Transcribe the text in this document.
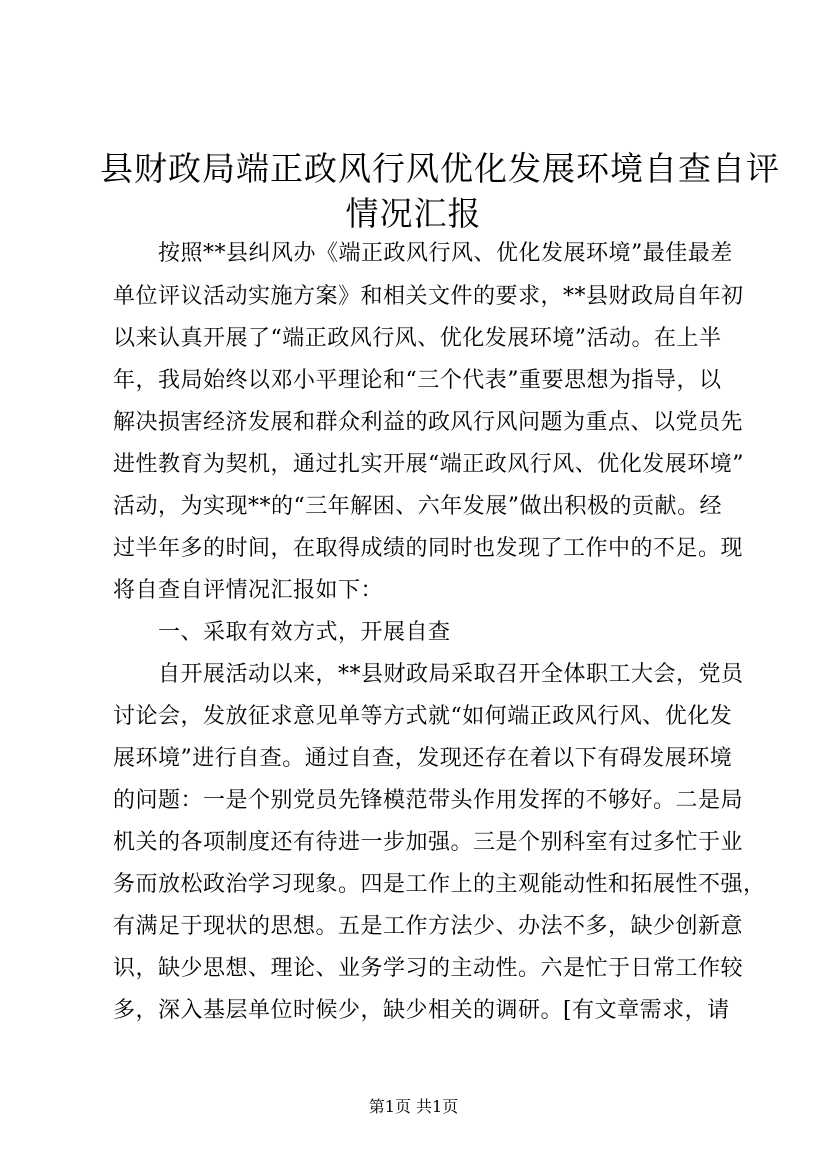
县财政局端正政风行风优化发展环境自查自评
情况汇报
按照**县纠风办《端正政风行风、优化发展环境”最佳最差
单位评议活动实施方案》和相关文件的要求，**县财政局自年初
以来认真开展了“端正政风行风、优化发展环境”活动。在上半
年，我局始终以邓小平理论和“三个代表”重要思想为指导，以
解决损害经济发展和群众利益的政风行风问题为重点、以党员先
进性教育为契机，通过扎实开展“端正政风行风、优化发展环境”
活动，为实现**的“三年解困、六年发展”做出积极的贡献。经
过半年多的时间，在取得成绩的同时也发现了工作中的不足。现
将自查自评情况汇报如下：
一、采取有效方式，开展自查
自开展活动以来，**县财政局采取召开全体职工大会，党员
讨论会，发放征求意见单等方式就“如何端正政风行风、优化发
展环境”进行自查。通过自查，发现还存在着以下有碍发展环境
的问题：一是个别党员先锋模范带头作用发挥的不够好。二是局
机关的各项制度还有待进一步加强。三是个别科室有过多忙于业
务而放松政治学习现象。四是工作上的主观能动性和拓展性不强，
有满足于现状的思想。五是工作方法少、办法不多，缺少创新意
识，缺少思想、理论、业务学习的主动性。六是忙于日常工作较
多，深入基层单位时候少，缺少相关的调研。[有文章需求，请
第1页 共1页
